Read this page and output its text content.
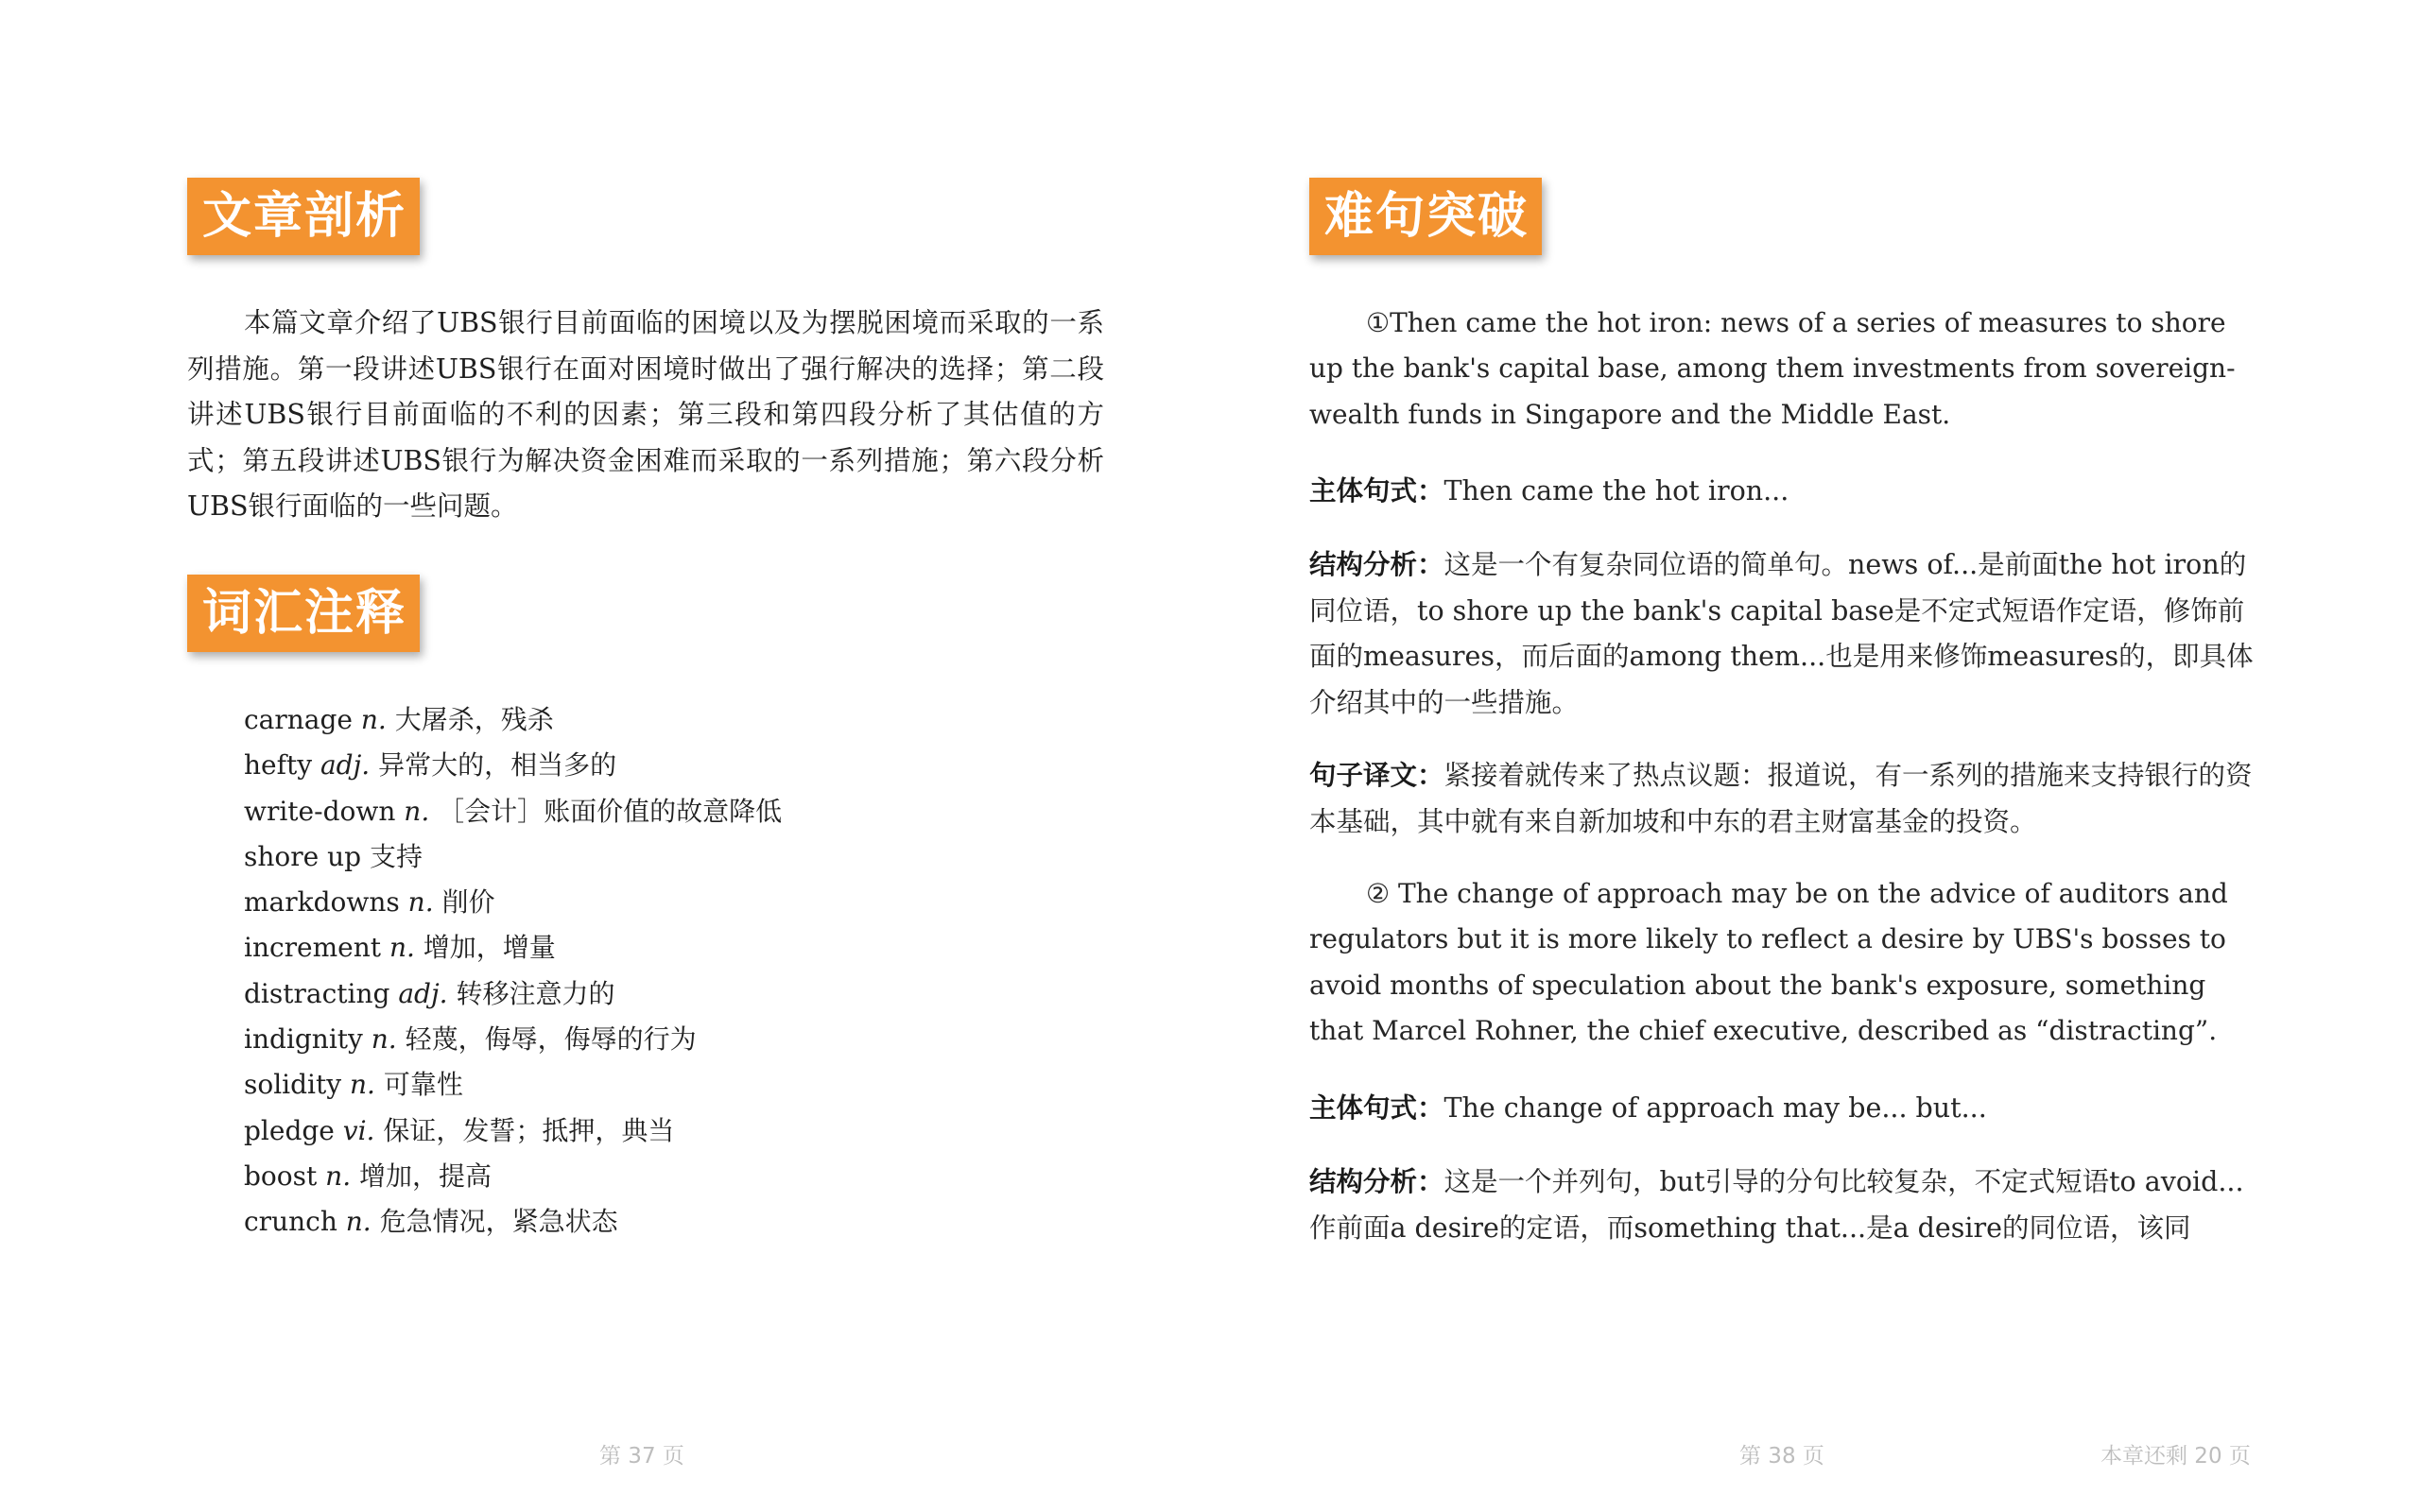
文章剖析

本篇文章介绍了UBS银行目前面临的困境以及为摆脱困境而采取的一系列措施。第一段讲述UBS银行在面对困境时做出了强行解决的选择；第二段讲述UBS银行目前面临的不利的因素；第三段和第四段分析了其估值的方式；第五段讲述UBS银行为解决资金困难而采取的一系列措施；第六段分析UBS银行面临的一些问题。

词汇注释
carnage n. 大屠杀，残杀
hefty adj. 异常大的，相当多的
write-down n. ［会计］账面价值的故意降低
shore up 支持
markdowns n. 削价
increment n. 增加，增量
distracting adj. 转移注意力的
indignity n. 轻蔑，侮辱，侮辱的行为
solidity n. 可靠性
pledge vi. 保证，发誓；抵押，典当
boost n. 增加，提高
crunch n. 危急情况，紧急状态
难句突破

①Then came the hot iron: news of a series of measures to shore up the bank's capital base, among them investments from sovereign-wealth funds in Singapore and the Middle East.

主体句式：Then came the hot iron...

结构分析：这是一个有复杂同位语的简单句。news of...是前面the hot iron的同位语，to shore up the bank's capital base是不定式短语作定语，修饰前面的measures，而后面的among them...也是用来修饰measures的，即具体介绍其中的一些措施。

句子译文：紧接着就传来了热点议题：报道说，有一系列的措施来支持银行的资本基础，其中就有来自新加坡和中东的君主财富基金的投资。

② The change of approach may be on the advice of auditors and regulators but it is more likely to reflect a desire by UBS's bosses to avoid months of speculation about the bank's exposure, something that Marcel Rohner, the chief executive, described as “distracting”.

主体句式：The change of approach may be... but...

结构分析：这是一个并列句，but引导的分句比较复杂，不定式短语to avoid...作前面a desire的定语，而something that...是a desire的同位语，该同

第 37 页	第 38 页	本章还剩 20 页
